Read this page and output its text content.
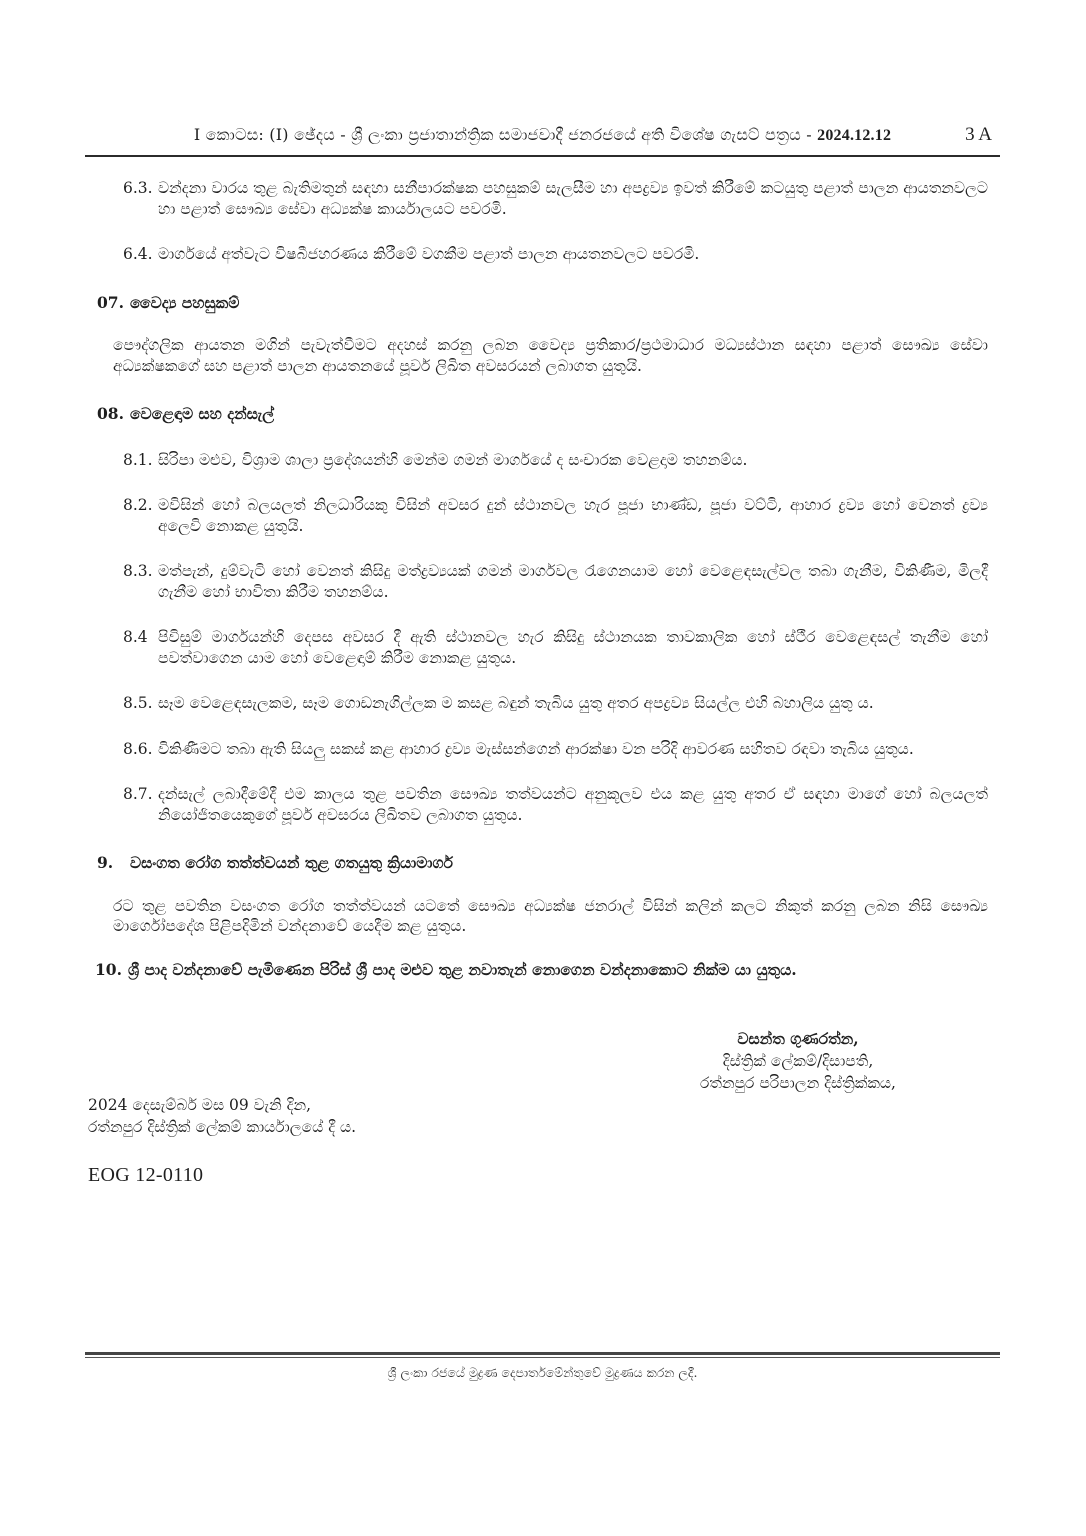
I කොටස: (I) ඡේදය - ශ්‍රී ලංකා ප්‍රජාතාන්ත්‍රික සමාජවාදී ජනරජයේ අති විශේෂ ගැසට් පත්‍රය - 2024.12.12	3 A
6.3. වන්දනා වාරය තුළ බැතිමතුන් සඳහා සනීපාරක්ෂක පහසුකම් සැලසීම හා අපද්‍රව්‍ය ඉවත් කිරීමේ කටයුතු පළාත් පාලන ආයතනවලට හා පළාත් සෞඛ්‍ය සේවා අධ්‍යක්ෂ කාර්යාලයට පවරමි.
6.4. මාර්ගයේ අත්වැට විෂබීජහරණය කිරීමේ වගකීම පළාත් පාලන ආයතනවලට පවරමි.
07. වෛද්‍ය පහසුකම්
පෞද්ගලික ආයතන මගින් පැවැත්වීමට අදහස් කරනු ලබන වෛද්‍ය ප්‍රතිකාර/ප්‍රථමාධාර මධ්‍යස්ථාන සඳහා පළාත් සෞඛ්‍ය සේවා අධ්‍යක්ෂකගේ සහ පළාත් පාලන ආයතනයේ පූර්ව ලිඛිත අවසරයන් ලබාගත යුතුයි.
08. වෙළෙඳාම සහ දන්සැල්
8.1. සිරිපා මළුව, විශ්‍රාම ශාලා ප්‍රදේශයන්හි මෙන්ම ගමන් මාර්ගයේ ද සංචාරක වෙළදාම තහනම්ය.
8.2. මවිසින් හෝ බලයලත් නිලධාරියකු විසින් අවසර දුන් ස්ථානවල හැර පූජා භාණ්ඩ, පූජා වට්ටි, ආහාර ද්‍රව්‍ය හෝ වෙනත් ද්‍රව්‍ය අලෙවි නොකළ යුතුයි.
8.3. මත්පැන්, දුම්වැටි හෝ වෙනත් කිසිදු මත්ද්‍රව්‍යයක් ගමන් මාර්ගවල රැගෙනයාම හෝ වෙළෙඳසැල්වල තබා ගැනීම, විකිණීම, මිලදී ගැනීම හෝ භාවිතා කිරීම තහනම්ය.
8.4 පිවිසුම් මාර්ගයන්හි දෙපස අවසර දී ඇති ස්ථානවල හැර කිසිදු ස්ථානයක තාවකාලික හෝ ස්ථීර වෙළෙඳසල් තැනීම හෝ පවත්වාගෙන යාම හෝ වෙළෙඳාම් කිරීම නොකළ යුතුය.
8.5. සෑම වෙළෙඳසැලකම, සෑම ගොඩනැගිල්ලක ම කසළ බඳුන් තැබිය යුතු අතර අපද්‍රව්‍ය සියල්ල එහි බහාලිය යුතු ය.
8.6. විකිණීමට තබා ඇති සියලු සකස් කළ ආහාර ද්‍රව්‍ය මැස්සන්ගෙන් ආරක්ෂා වන පරිදි ආවරණ සහිතව රඳවා තැබිය යුතුය.
8.7. දන්සැල් ලබාදීමේදී එම කාලය තුළ පවතින සෞඛ්‍ය තත්වයන්ට අනුකූලව එය කළ යුතු අතර ඒ සඳහා මාගේ හෝ බලයලත් නියෝජිතයෙකුගේ පූර්ව අවසරය ලිඛිතව ලබාගත යුතුය.
9. වසංගත රෝග තත්ත්වයන් තුළ ගතයුතු ක්‍රියාමාර්ග
රට තුළ පවතින වසංගත රෝග තත්ත්වයන් යටතේ සෞඛ්‍ය අධ්‍යක්ෂ ජනරාල් විසින් කලින් කලට නිකුත් කරනු ලබන නිසි සෞඛ්‍ය මාර්ගෝපදේශ පිළිපදිමින් වන්දනාවේ යෙදීම කළ යුතුය.
10. ශ්‍රී පාද වන්දනාවේ පැමිණෙන පිරිස් ශ්‍රී පාද මළුව තුළ නවාතැන් නොගෙන වන්දනාකොට නික්ම යා යුතුය.
වසන්ත ගුණරත්න,
දිස්ත්‍රික් ලේකම්/දිසාපති,
රත්නපුර පරිපාලන දිස්ත්‍රික්කය,
2024 දෙසැම්බර් මස 09 වැනි දින,
රත්නපුර දිස්ත්‍රික් ලේකම් කාර්යාලයේ දී ය.
EOG 12-0110
ශ්‍රී ලංකා රජයේ මුද්‍රණ දෙපාර්තමේන්තුවේ මුද්‍රණය කරන ලදී.
